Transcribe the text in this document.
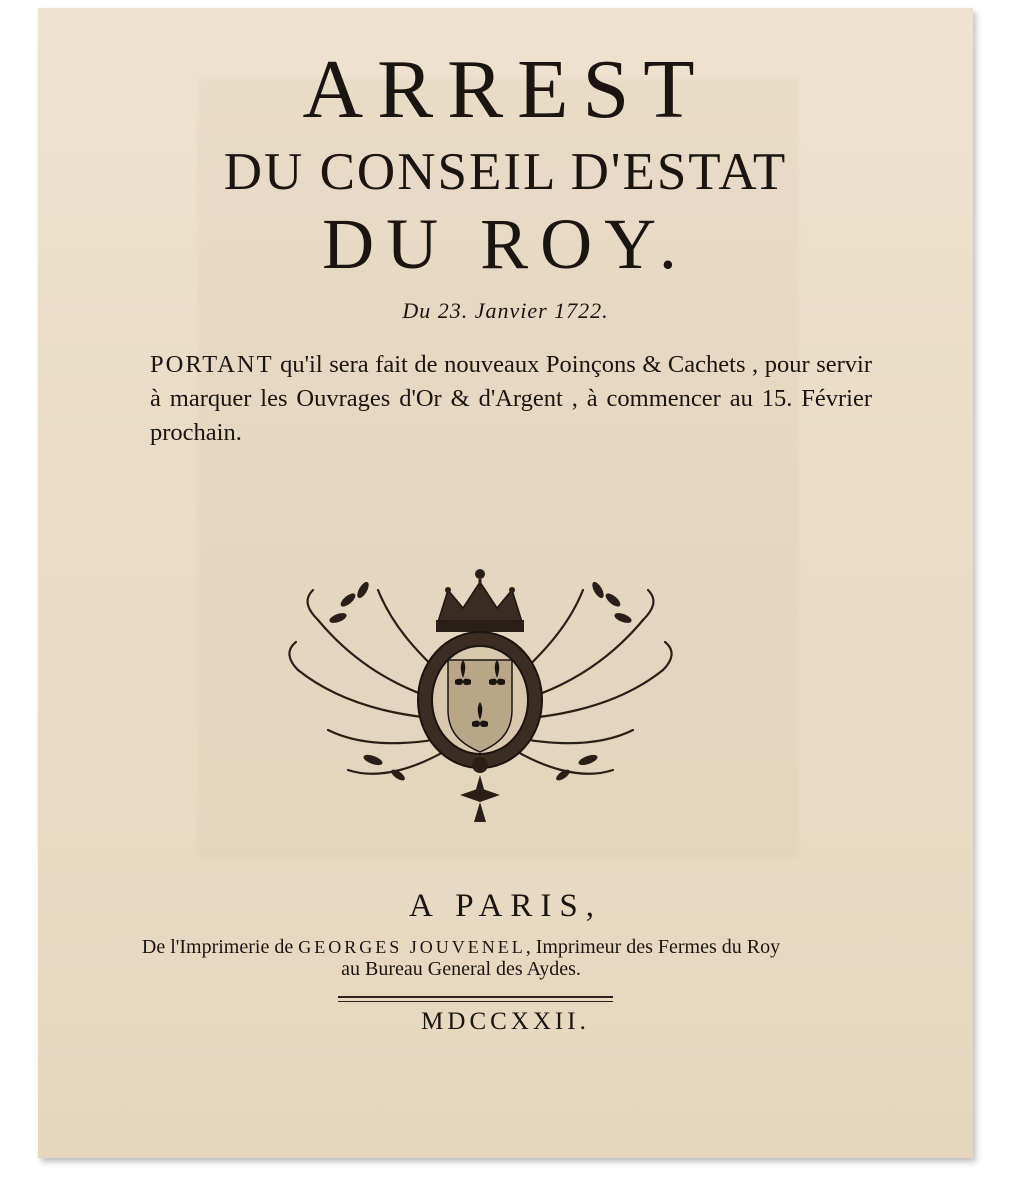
ARREST
DU CONSEIL D'ESTAT
DU ROY.
Du 23. Janvier 1722.
PORTANT qu'il sera fait de nouveaux Poinçons & Cachets , pour servir à marquer les Ouvrages d'Or & d'Argent , à commencer au 15. Février prochain.
A PARIS,
De l'Imprimerie de GEORGES JOUVENEL, Imprimeur des Fermes du Roy au Bureau General des Aydes.
MDCCXXII.
